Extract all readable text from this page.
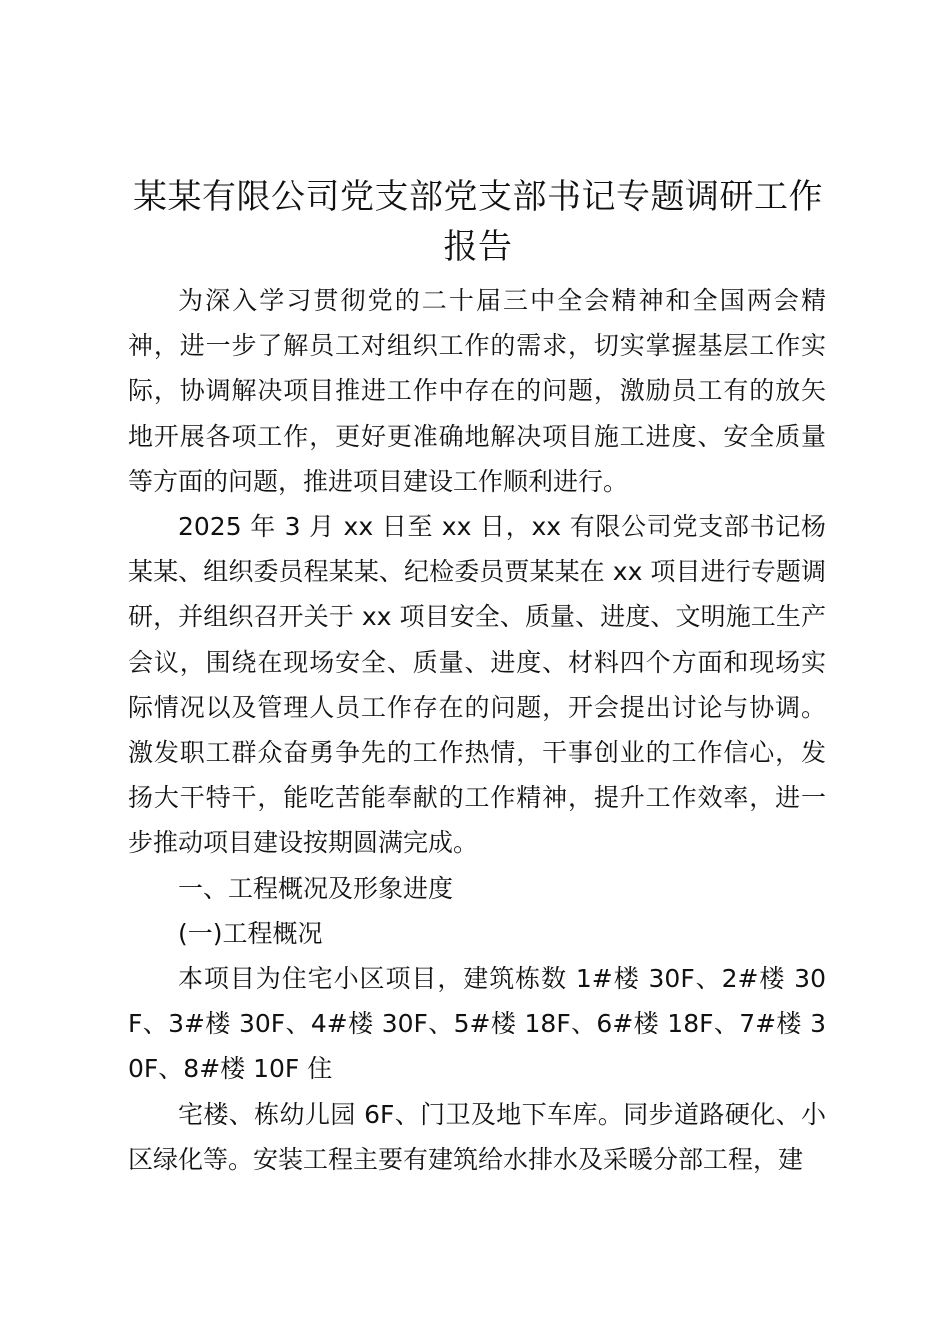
某某有限公司党支部党支部书记专题调研工作
报告

为深入学习贯彻党的二十届三中全会精神和全国两会精神，进一步了解员工对组织工作的需求，切实掌握基层工作实际，协调解决项目推进工作中存在的问题，激励员工有的放矢地开展各项工作，更好更准确地解决项目施工进度、安全质量等方面的问题，推进项目建设工作顺利进行。

2025 年 3 月 xx 日至 xx 日，xx 有限公司党支部书记杨某某、组织委员程某某、纪检委员贾某某在 xx 项目进行专题调研，并组织召开关于 xx 项目安全、质量、进度、文明施工生产会议，围绕在现场安全、质量、进度、材料四个方面和现场实际情况以及管理人员工作存在的问题，开会提出讨论与协调。激发职工群众奋勇争先的工作热情，干事创业的工作信心，发扬大干特干，能吃苦能奉献的工作精神，提升工作效率，进一步推动项目建设按期圆满完成。

一、工程概况及形象进度

(一)工程概况

本项目为住宅小区项目，建筑栋数 1#楼 30F、2#楼 30F、3#楼 30F、4#楼 30F、5#楼 18F、6#楼 18F、7#楼 30F、8#楼 10F 住

宅楼、栋幼儿园 6F、门卫及地下车库。同步道路硬化、小区绿化等。安装工程主要有建筑给水排水及采暖分部工程，建
